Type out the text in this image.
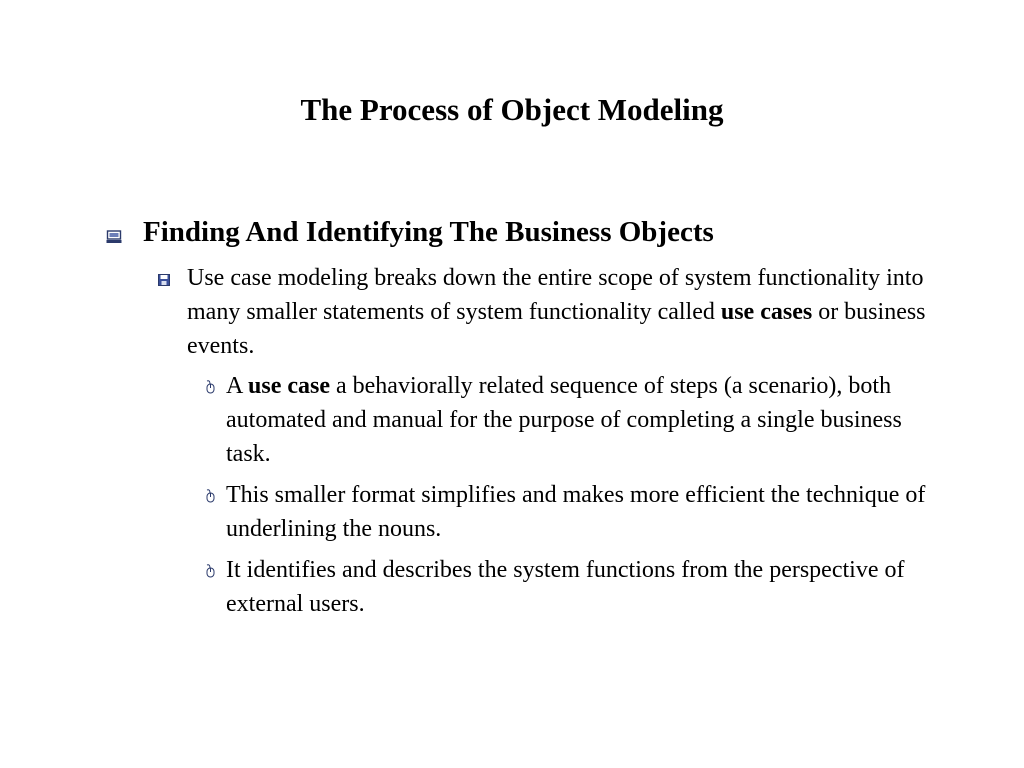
The Process of Object Modeling
Finding And Identifying The Business Objects
Use case modeling breaks down the entire scope of system functionality into many smaller statements of system functionality called use cases or business events.
A use case a behaviorally related sequence of steps (a scenario), both automated and manual for the purpose of completing a single business task.
This smaller format simplifies and makes more efficient the technique of underlining the nouns.
It identifies and describes the system functions from the perspective of external users.
